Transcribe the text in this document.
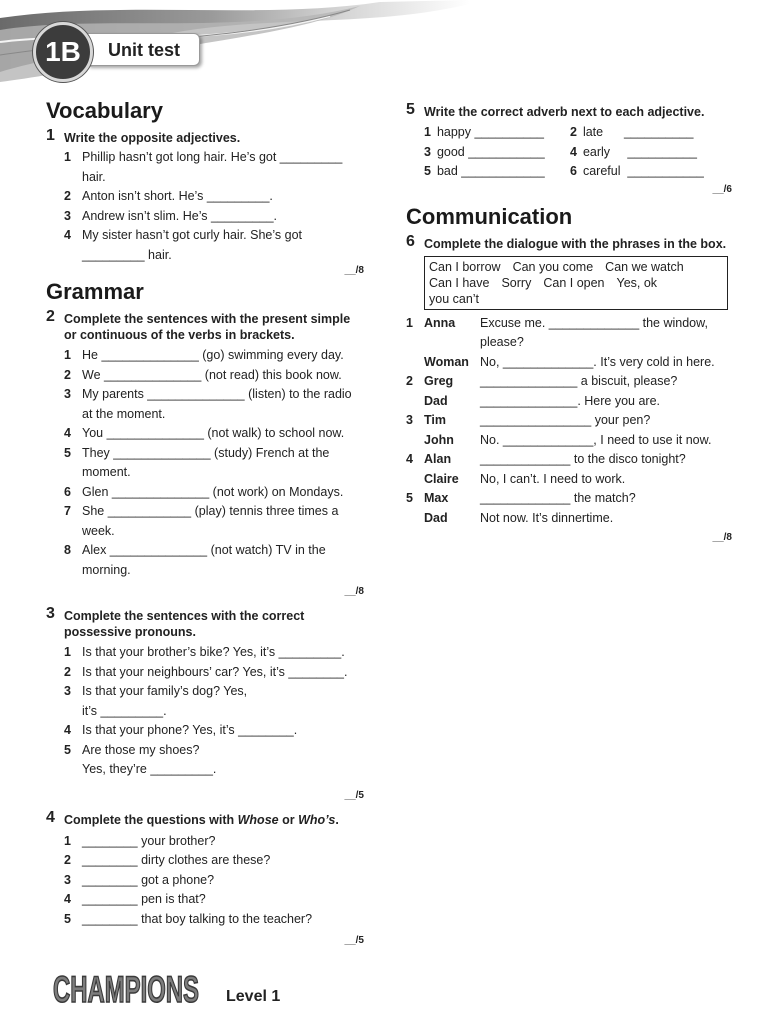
1B	Unit test
Vocabulary
1 Write the opposite adjectives.
1 Phillip hasn’t got long hair. He’s got _________ hair.
2 Anton isn’t short. He’s _________.
3 Andrew isn’t slim. He’s _________.
4 My sister hasn’t got curly hair. She’s got _________ hair.
__/8
Grammar
2 Complete the sentences with the present simple or continuous of the verbs in brackets.
1 He ______________ (go) swimming every day.
2 We ______________ (not read) this book now.
3 My parents ______________ (listen) to the radio at the moment.
4 You ______________ (not walk) to school now.
5 They ______________ (study) French at the moment.
6 Glen ______________ (not work) on Mondays.
7 She ____________ (play) tennis three times a week.
8 Alex ______________ (not watch) TV in the morning.
__/8
3 Complete the sentences with the correct possessive pronouns.
1 Is that your brother’s bike? Yes, it’s _________.
2 Is that your neighbours’ car? Yes, it’s ________.
3 Is that your family’s dog? Yes, it’s _________.
4 Is that your phone? Yes, it’s ________.
5 Are those my shoes? Yes, they’re _________.
__/5
4 Complete the questions with Whose or Who’s.
1 ________ your brother?
2 ________ dirty clothes are these?
3 ________ got a phone?
4 ________ pen is that?
5 ________ that boy talking to the teacher?
__/5
5 Write the correct adverb next to each adjective.
1 happy __________	2 late      __________
3 good ___________	4 early     __________
5 bad ____________	6 careful  ___________
__/6
Communication
6 Complete the dialogue with the phrases in the box.
Can I borrow Can you come Can we watch Can I have Sorry Can I open Yes, ok you can’t
1 Anna	Excuse me. _____________ the window, please?
Woman No, _____________. It’s very cold in here.
2 Greg	______________ a biscuit, please?
Dad	______________. Here you are.
3 Tim	________________ your pen?
John	No. _____________, I need to use it now.
4 Alan	_____________ to the disco tonight?
Claire	No, I can’t. I need to work.
5 Max	_____________ the match?
Dad	Not now. It’s dinnertime.
__/8
CHAMPIONS Level 1
